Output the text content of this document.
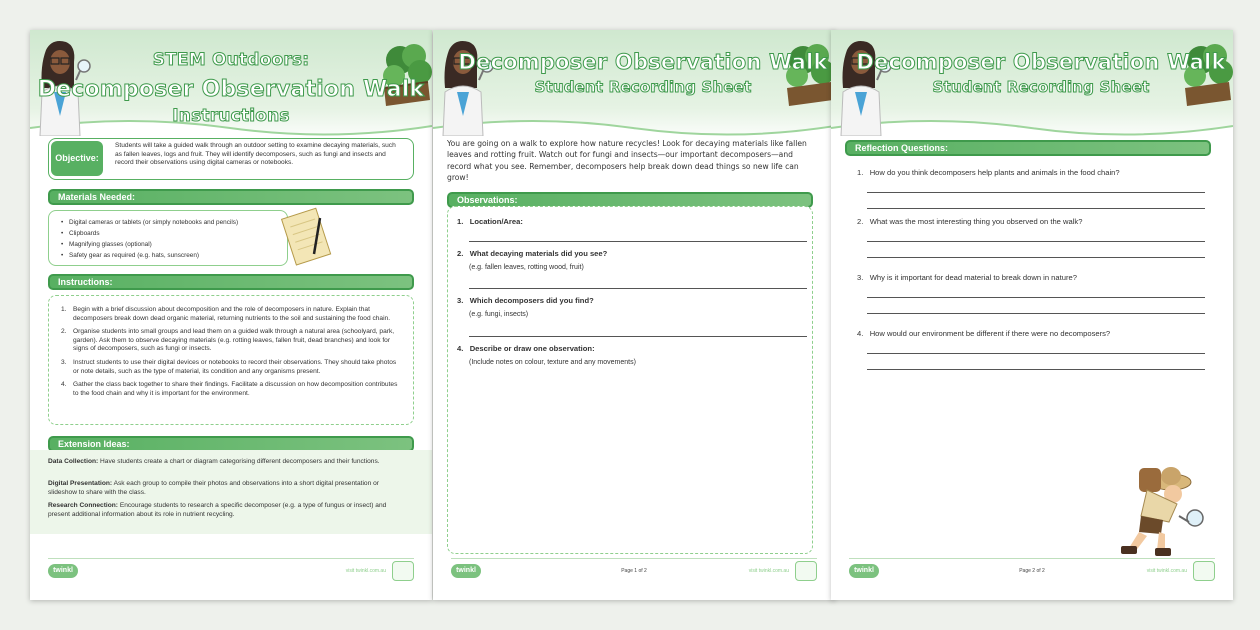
STEM Outdoors:
Decomposer Observation Walk
Instructions
Objective:
Students will take a guided walk through an outdoor setting to examine decaying materials, such as fallen leaves, logs and fruit. They will identify decomposers, such as fungi and insects and record their observations using digital cameras or notebooks.
Materials Needed:
• Digital cameras or tablets (or simply notebooks and pencils)
• Clipboards
• Magnifying glasses (optional)
• Safety gear as required (e.g. hats, sunscreen)
Instructions:
1. Begin with a brief discussion about decomposition and the role of decomposers in nature. Explain that decomposers break down dead organic material, returning nutrients to the soil and sustaining the food chain.
2. Organise students into small groups and lead them on a guided walk through a natural area (schoolyard, park, garden). Ask them to observe decaying materials (e.g. rotting leaves, fallen fruit, dead branches) and look for signs of decomposers, such as fungi or insects.
3. Instruct students to use their digital devices or notebooks to record their observations. They should take photos or note details, such as the type of material, its condition and any organisms present.
4. Gather the class back together to share their findings. Facilitate a discussion on how decomposition contributes to the food chain and why it is important for the environment.
Extension Ideas:
Data Collection: Have students create a chart or diagram categorising different decomposers and their functions.
Digital Presentation: Ask each group to compile their photos and observations into a short digital presentation or slideshow to share with the class.
Research Connection: Encourage students to research a specific decomposer (e.g. a type of fungus or insect) and present additional information about its role in nutrient recycling.
twinkl	visit twinkl.com.au
Decomposer Observation Walk
Student Recording Sheet
You are going on a walk to explore how nature recycles! Look for decaying materials like fallen leaves and rotting fruit. Watch out for fungi and insects—our important decomposers—and record what you see. Remember, decomposers help break down dead things so new life can grow!
Observations:
1. Location/Area:
2. What decaying materials did you see?
(e.g. fallen leaves, rotting wood, fruit)
3. Which decomposers did you find?
(e.g. fungi, insects)
4. Describe or draw one observation:
(Include notes on colour, texture and any movements)
twinkl	Page 1 of 2	visit twinkl.com.au
Decomposer Observation Walk
Student Recording Sheet
Reflection Questions:
1. How do you think decomposers help plants and animals in the food chain?
2. What was the most interesting thing you observed on the walk?
3. Why is it important for dead material to break down in nature?
4. How would our environment be different if there were no decomposers?
twinkl	Page 2 of 2	visit twinkl.com.au
